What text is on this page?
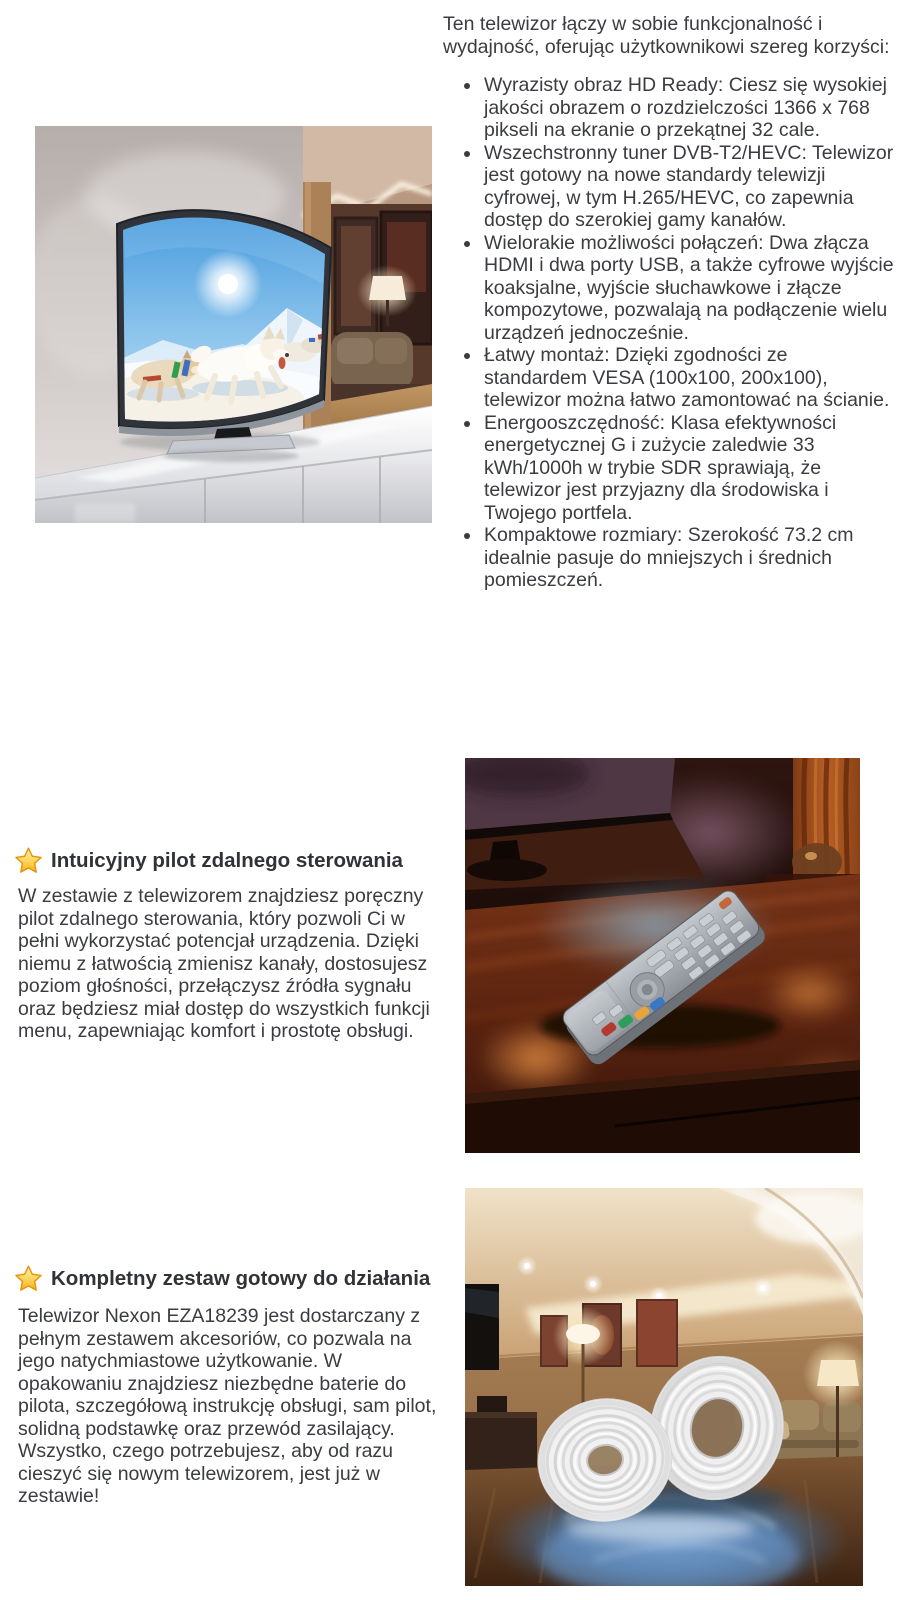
Ten telewizor łączy w sobie funkcjonalność i wydajność, oferując użytkownikowi szereg korzyści:

• Wyrazisty obraz HD Ready: Ciesz się wysokiej jakości obrazem o rozdzielczości 1366 x 768 pikseli na ekranie o przekątnej 32 cale.
• Wszechstronny tuner DVB-T2/HEVC: Telewizor jest gotowy na nowe standardy telewizji cyfrowej, w tym H.265/HEVC, co zapewnia dostęp do szerokiej gamy kanałów.
• Wielorakie możliwości połączeń: Dwa złącza HDMI i dwa porty USB, a także cyfrowe wyjście koaksjalne, wyjście słuchawkowe i złącze kompozytowe, pozwalają na podłączenie wielu urządzeń jednocześnie.
• Łatwy montaż: Dzięki zgodności ze standardem VESA (100x100, 200x100), telewizor można łatwo zamontować na ścianie.
• Energooszczędność: Klasa efektywności energetycznej G i zużycie zaledwie 33 kWh/1000h w trybie SDR sprawiają, że telewizor jest przyjazny dla środowiska i Twojego portfela.
• Kompaktowe rozmiary: Szerokość 73.2 cm idealnie pasuje do mniejszych i średnich pomieszczeń.
Intuicyjny pilot zdalnego sterowania

W zestawie z telewizorem znajdziesz poręczny pilot zdalnego sterowania, który pozwoli Ci w pełni wykorzystać potencjał urządzenia. Dzięki niemu z łatwością zmienisz kanały, dostosujesz poziom głośności, przełączysz źródła sygnału oraz będziesz miał dostęp do wszystkich funkcji menu, zapewniając komfort i prostotę obsługi.

Kompletny zestaw gotowy do działania

Telewizor Nexon EZA18239 jest dostarczany z pełnym zestawem akcesoriów, co pozwala na jego natychmiastowe użytkowanie. W opakowaniu znajdziesz niezbędne baterie do pilota, szczegółową instrukcję obsługi, sam pilot, solidną podstawkę oraz przewód zasilający. Wszystko, czego potrzebujesz, aby od razu cieszyć się nowym telewizorem, jest już w zestawie!
